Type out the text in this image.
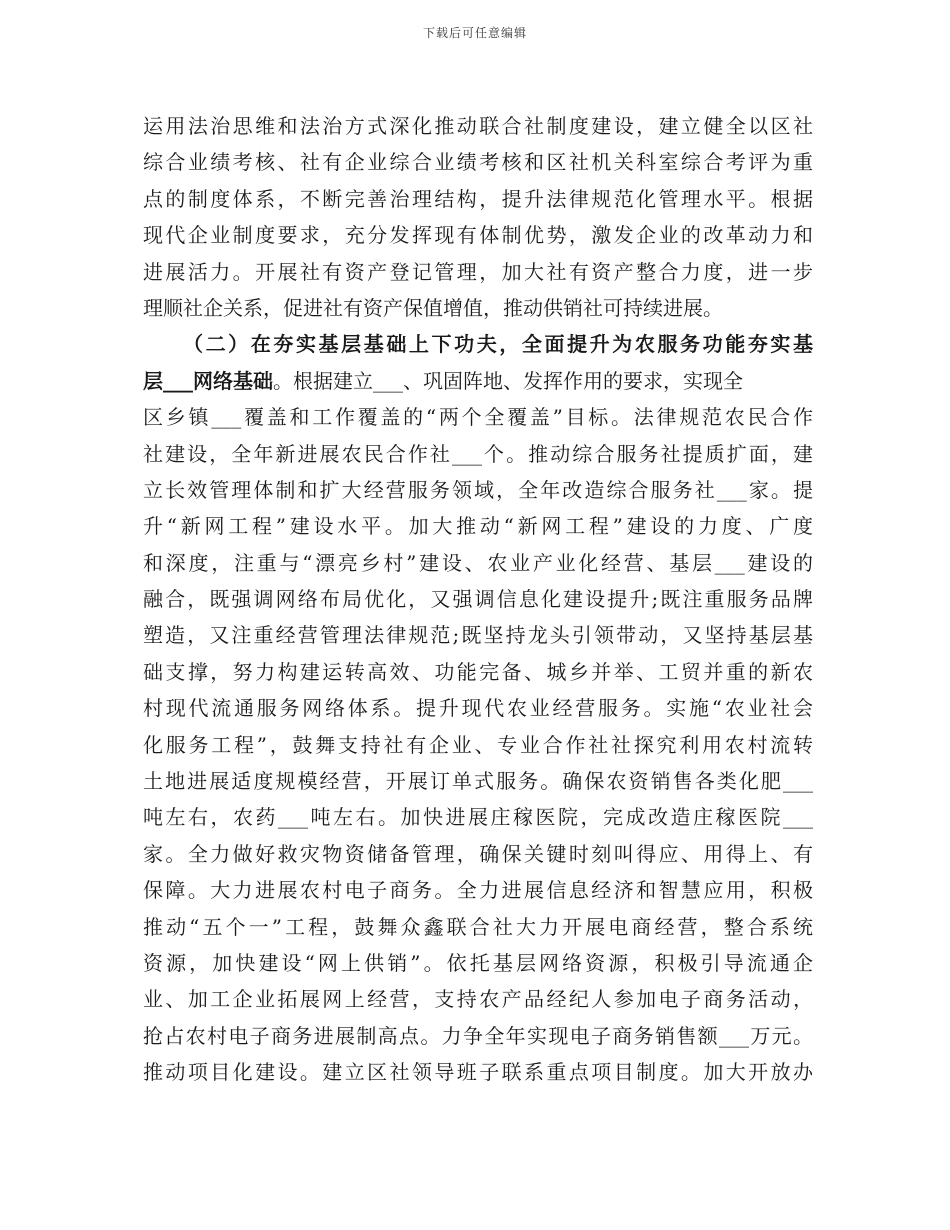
下载后可任意编辑
运用法治思维和法治方式深化推动联合社制度建设，建立健全以区社
综合业绩考核、社有企业综合业绩考核和区社机关科室综合考评为重
点的制度体系，不断完善治理结构，提升法律规范化管理水平。根据
现代企业制度要求，充分发挥现有体制优势，激发企业的改革动力和
进展活力。开展社有资产登记管理，加大社有资产整合力度，进一步
理顺社企关系，促进社有资产保值增值，推动供销社可持续进展。
（二）在夯实基层基础上下功夫，全面提升为农服务功能夯实基
层___网络基础。根据建立___、巩固阵地、发挥作用的要求，实现全
区乡镇___覆盖和工作覆盖的“两个全覆盖”目标。法律规范农民合作
社建设，全年新进展农民合作社___个。推动综合服务社提质扩面，建
立长效管理体制和扩大经营服务领域，全年改造综合服务社___家。提
升“新网工程”建设水平。加大推动“新网工程”建设的力度、广度
和深度，注重与“漂亮乡村”建设、农业产业化经营、基层___建设的
融合，既强调网络布局优化，又强调信息化建设提升;既注重服务品牌
塑造，又注重经营管理法律规范;既坚持龙头引领带动，又坚持基层基
础支撑，努力构建运转高效、功能完备、城乡并举、工贸并重的新农
村现代流通服务网络体系。提升现代农业经营服务。实施“农业社会
化服务工程”，鼓舞支持社有企业、专业合作社社探究利用农村流转
土地进展适度规模经营，开展订单式服务。确保农资销售各类化肥___
吨左右，农药___吨左右。加快进展庄稼医院，完成改造庄稼医院___
家。全力做好救灾物资储备管理，确保关键时刻叫得应、用得上、有
保障。大力进展农村电子商务。全力进展信息经济和智慧应用，积极
推动“五个一”工程，鼓舞众鑫联合社大力开展电商经营，整合系统
资源，加快建设“网上供销”。依托基层网络资源，积极引导流通企
业、加工企业拓展网上经营，支持农产品经纪人参加电子商务活动，
抢占农村电子商务进展制高点。力争全年实现电子商务销售额___万元。
推动项目化建设。建立区社领导班子联系重点项目制度。加大开放办
